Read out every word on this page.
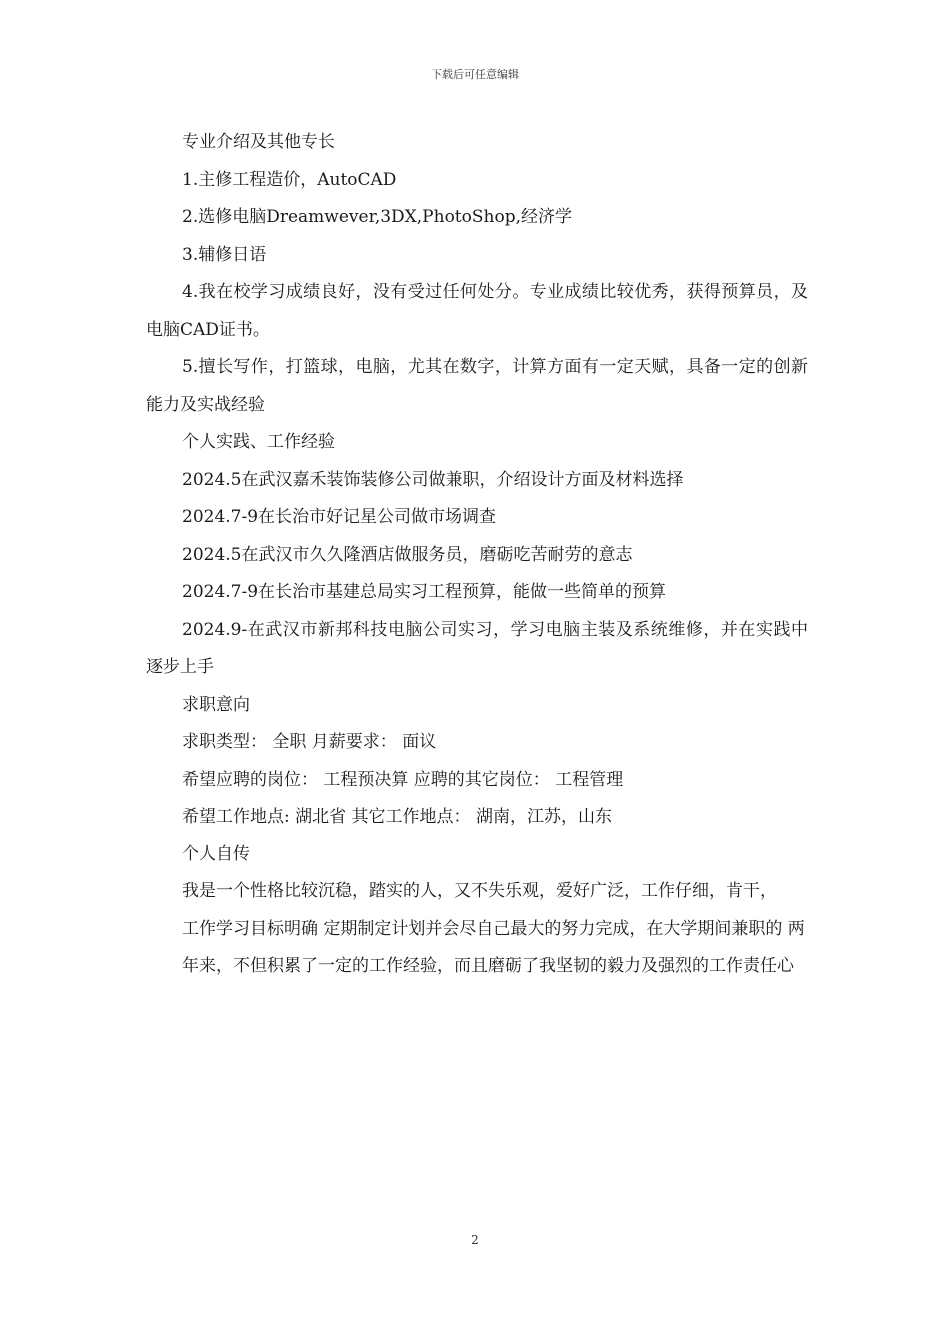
下载后可任意编辑

专业介绍及其他专长

1.主修工程造价，AutoCAD

2.选修电脑Dreamwever,3DX,PhotoShop,经济学

3.辅修日语

4.我在校学习成绩良好，没有受过任何处分。专业成绩比较优秀，获得预算员，及电脑CAD证书。

5.擅长写作，打篮球，电脑，尤其在数字，计算方面有一定天赋，具备一定的创新能力及实战经验

个人实践、工作经验

2024.5在武汉嘉禾装饰装修公司做兼职，介绍设计方面及材料选择

2024.7-9在长治市好记星公司做市场调查

2024.5在武汉市久久隆酒店做服务员，磨砺吃苦耐劳的意志

2024.7-9在长治市基建总局实习工程预算，能做一些简单的预算

2024.9-在武汉市新邦科技电脑公司实习，学习电脑主装及系统维修，并在实践中逐步上手

求职意向

求职类型： 全职 月薪要求： 面议

希望应聘的岗位： 工程预决算 应聘的其它岗位： 工程管理

希望工作地点: 湖北省 其它工作地点： 湖南，江苏，山东

个人自传

我是一个性格比较沉稳，踏实的人，又不失乐观，爱好广泛，工作仔细，肯干，

工作学习目标明确 定期制定计划并会尽自己最大的努力完成，在大学期间兼职的 两

年来，不但积累了一定的工作经验，而且磨砺了我坚韧的毅力及强烈的工作责任心

2
